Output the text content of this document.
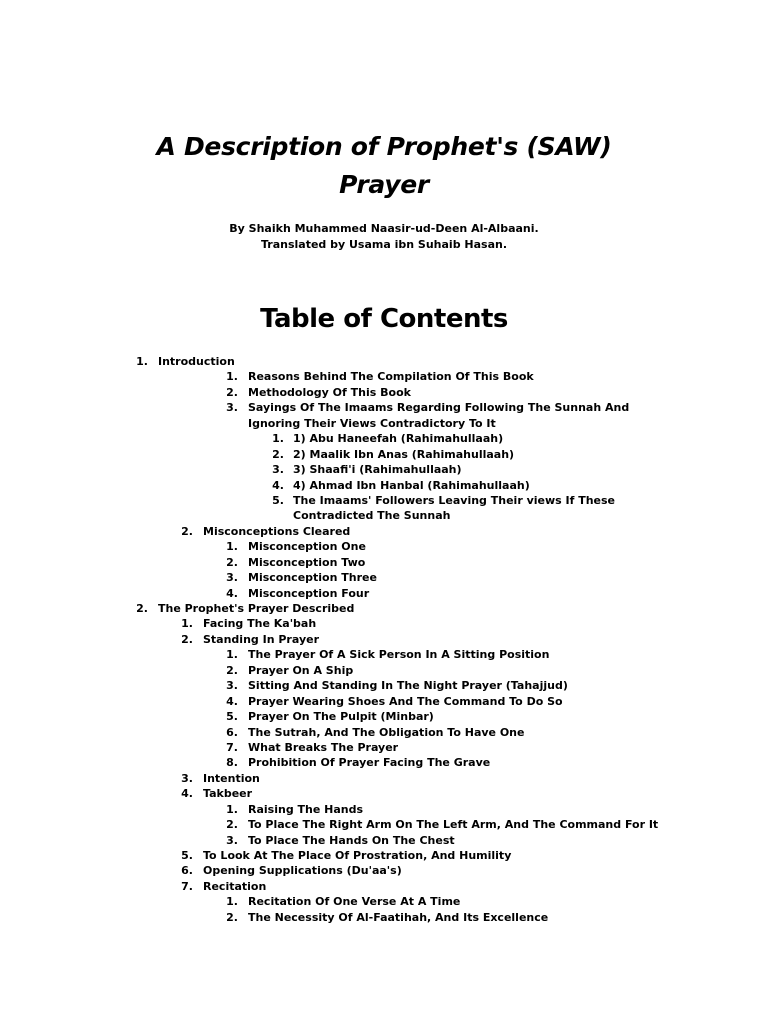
A Description of Prophet's (SAW)
Prayer
By Shaikh Muhammed Naasir-ud-Deen Al-Albaani.
Translated by Usama ibn Suhaib Hasan.
Table of Contents
1. Introduction
1. Reasons Behind The Compilation Of This Book
2. Methodology Of This Book
3. Sayings Of The Imaams Regarding Following The Sunnah And
Ignoring Their Views Contradictory To It
1. 1) Abu Haneefah (Rahimahullaah)
2. 2) Maalik Ibn Anas (Rahimahullaah)
3. 3) Shaafi'i (Rahimahullaah)
4. 4) Ahmad Ibn Hanbal (Rahimahullaah)
5. The Imaams' Followers Leaving Their views If These
Contradicted The Sunnah
2. Misconceptions Cleared
1. Misconception One
2. Misconception Two
3. Misconception Three
4. Misconception Four
2. The Prophet's Prayer Described
1. Facing The Ka'bah
2. Standing In Prayer
1. The Prayer Of A Sick Person In A Sitting Position
2. Prayer On A Ship
3. Sitting And Standing In The Night Prayer (Tahajjud)
4. Prayer Wearing Shoes And The Command To Do So
5. Prayer On The Pulpit (Minbar)
6. The Sutrah, And The Obligation To Have One
7. What Breaks The Prayer
8. Prohibition Of Prayer Facing The Grave
3. Intention
4. Takbeer
1. Raising The Hands
2. To Place The Right Arm On The Left Arm, And The Command For It
3. To Place The Hands On The Chest
5. To Look At The Place Of Prostration, And Humility
6. Opening Supplications (Du'aa's)
7. Recitation
1. Recitation Of One Verse At A Time
2. The Necessity Of Al-Faatihah, And Its Excellence
